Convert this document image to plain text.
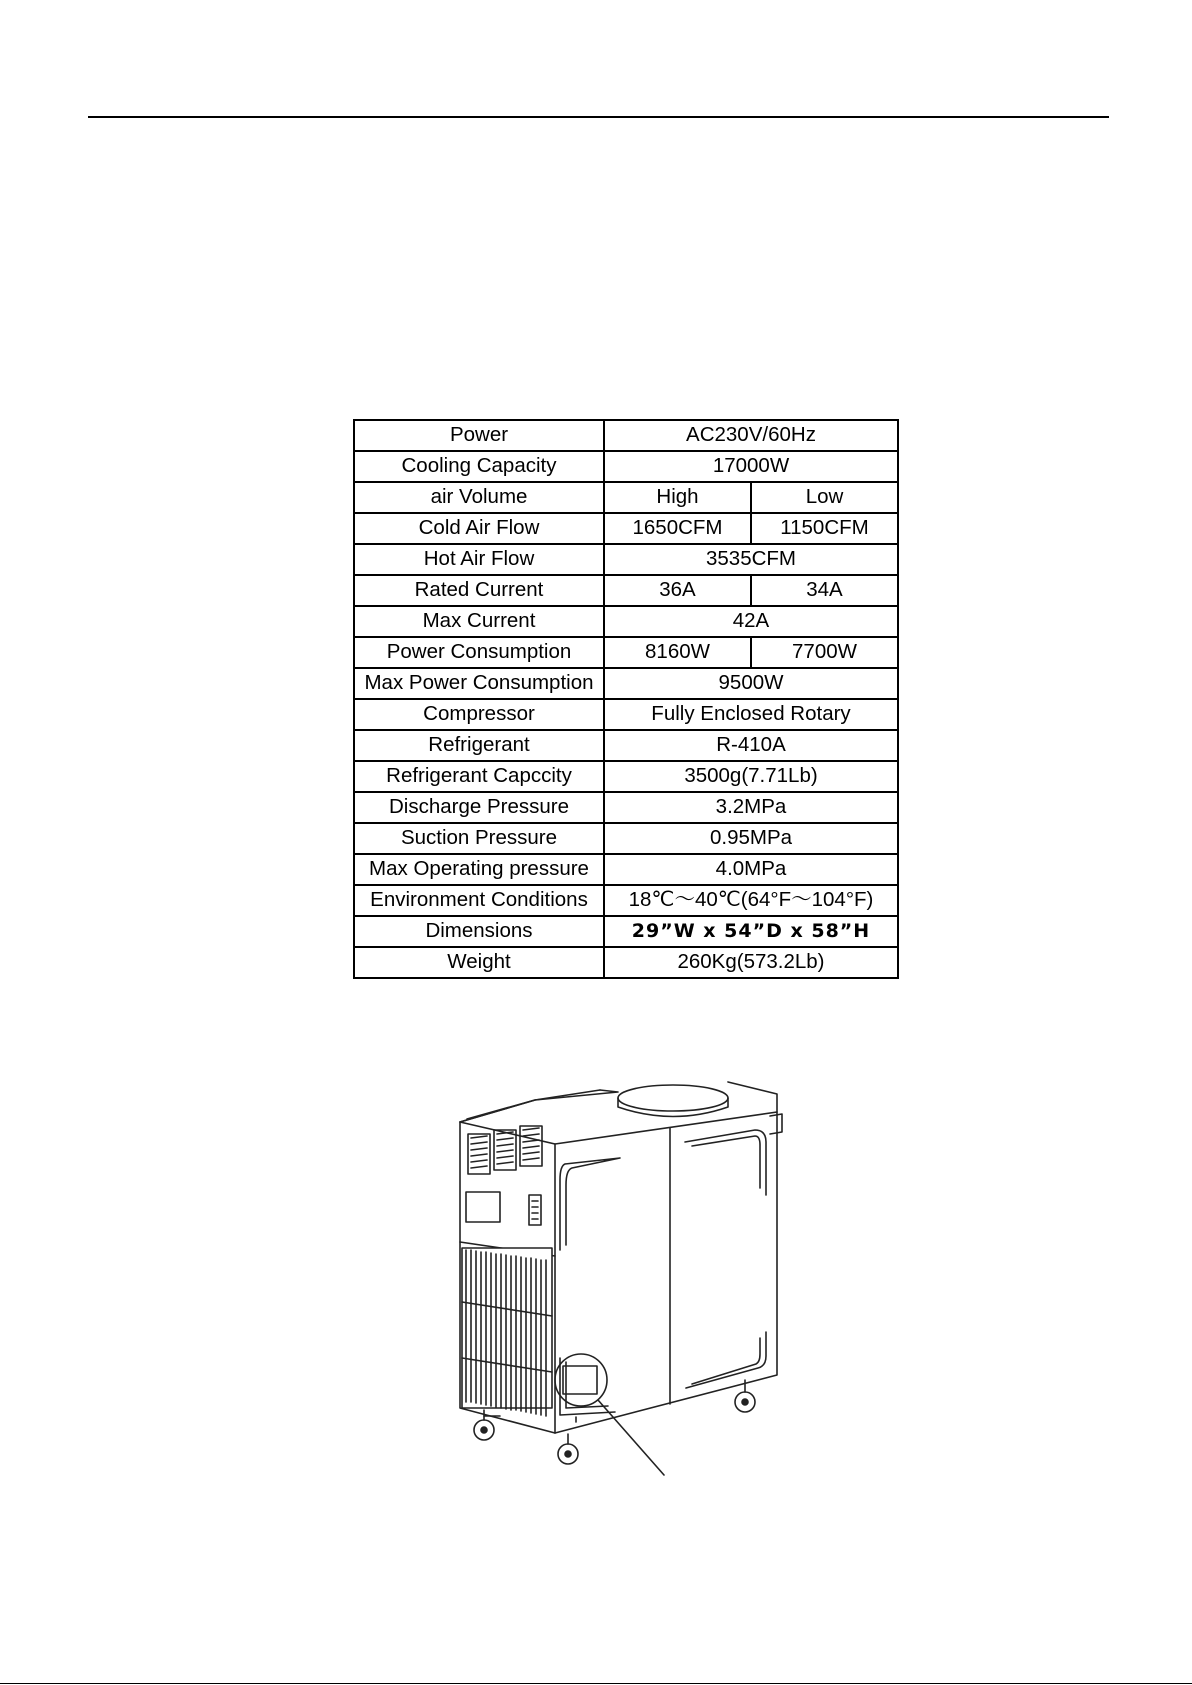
Power	AC230V/60Hz	
Cooling Capacity	17000W	
air Volume	High	Low
Cold Air Flow	1650CFM	1150CFM
Hot Air Flow	3535CFM	
Rated Current	36A	34A
Max Current	42A	
Power Consumption	8160W	7700W
Max Power Consumption	9500W	
Compressor	Fully Enclosed Rotary	
Refrigerant	R-410A	
Refrigerant Capccity	3500g(7.71Lb)	
Discharge Pressure	3.2MPa	
Suction Pressure	0.95MPa	
Max Operating pressure	4.0MPa	
Environment Conditions	18℃～40℃(64°F～104°F)	
Dimensions	29”W x 54”D x 58”H	
Weight	260Kg(573.2Lb)	
